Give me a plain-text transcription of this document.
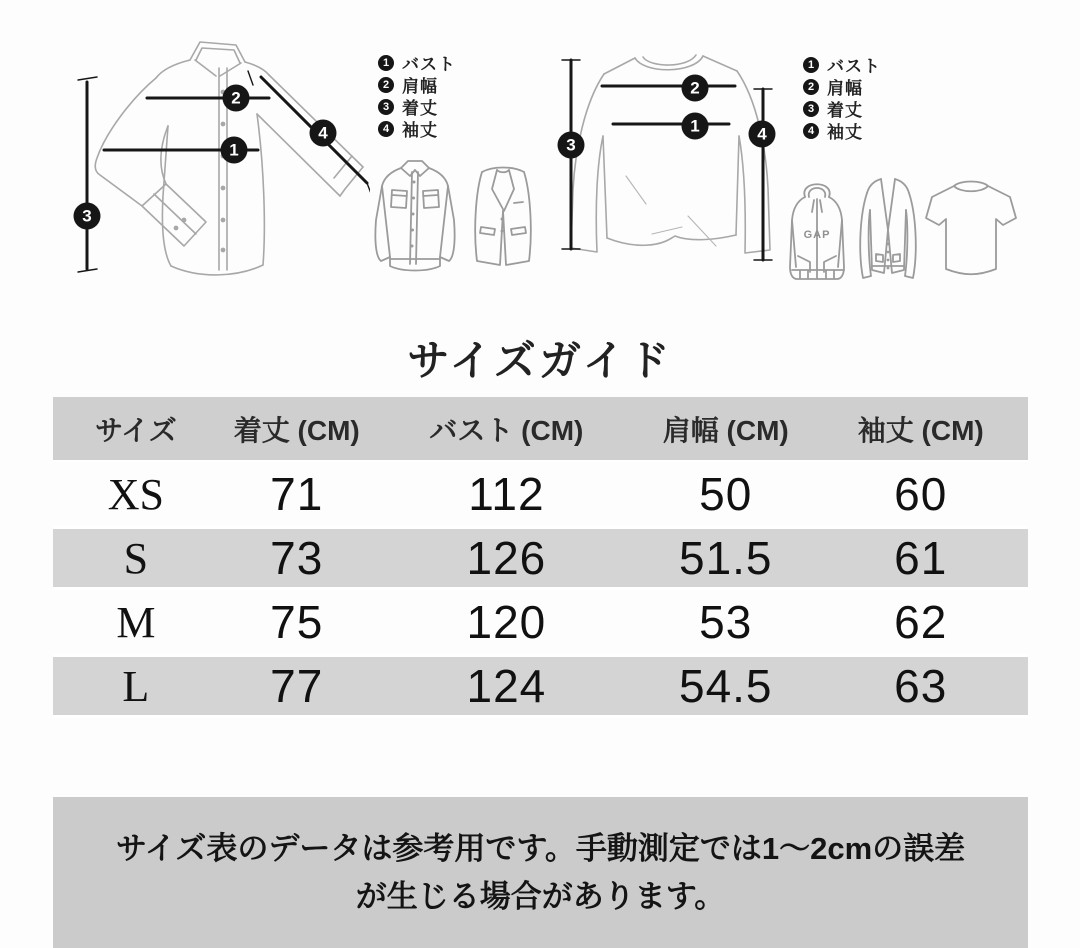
2
1
3
4
1 バスト
2 肩幅
3 着丈
4 袖丈
2
1
3
4
1 バスト
2 肩幅
3 着丈
4 袖丈
GAP
サイズガイド
サイズ	着丈 (CM)	バスト (CM)	肩幅 (CM)	袖丈 (CM)
XS	71	112	50	60
S	73	126	51.5	61
M	75	120	53	62
L	77	124	54.5	63

サイズ表のデータは参考用です。手動測定では1〜2cmの誤差

が生じる場合があります。
